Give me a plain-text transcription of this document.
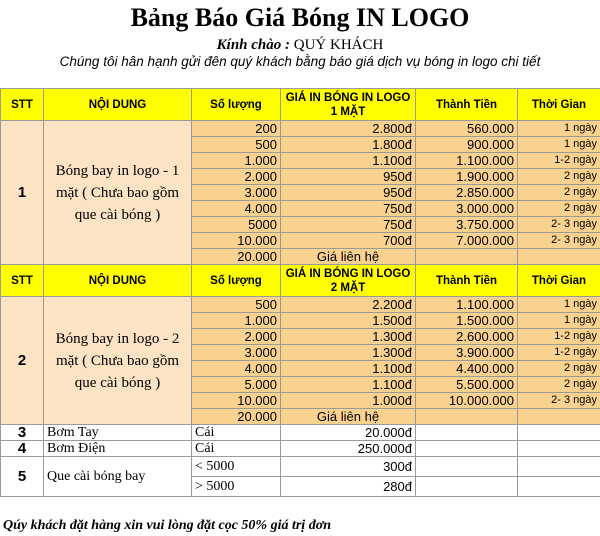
Bảng Báo Giá Bóng IN LOGO
Kính chào : QUÝ KHÁCH
Chúng tôi hân hạnh gửi đên quý khách bằng báo giá dịch vụ bóng in logo chi tiết
STT	NỘI DUNG	Số lượng	GIÁ IN BÓNG IN LOGO 1 MẶT	Thành Tiền	Thời Gian
1	Bóng bay in logo - 1 mặt ( Chưa bao gồm que cài bóng )	200	2.800đ	560.000	1 ngày
		500	1.800đ	900.000	1 ngày
		1.000	1.100đ	1.100.000	1-2 ngày
		2.000	950đ	1.900.000	2 ngày
		3.000	950đ	2.850.000	2 ngày
		4.000	750đ	3.000.000	2 ngày
		5000	750đ	3.750.000	2- 3 ngày
		10.000	700đ	7.000.000	2- 3 ngày
		20.000	Giá liên hệ		
STT	NỘI DUNG	Số lượng	GIÁ IN BÓNG IN LOGO 2 MẶT	Thành Tiền	Thời Gian
2	Bóng bay in logo - 2 mặt ( Chưa bao gồm que cài bóng )	500	2.200đ	1.100.000	1 ngày
		1.000	1.500đ	1.500.000	1 ngày
		2.000	1.300đ	2.600.000	1-2 ngày
		3.000	1.300đ	3.900.000	1-2 ngày
		4.000	1.100đ	4.400.000	2 ngày
		5.000	1.100đ	5.500.000	2 ngày
		10.000	1.000đ	10.000.000	2- 3 ngày
		20.000	Giá liên hệ		
3	Bơm Tay	Cái	20.000đ		
4	Bơm Điện	Cái	250.000đ		
5	Que cài bóng bay	< 5000	300đ		
		> 5000	280đ		
Qúy khách đặt hàng xin vui lòng đặt cọc 50% giá trị đơn
